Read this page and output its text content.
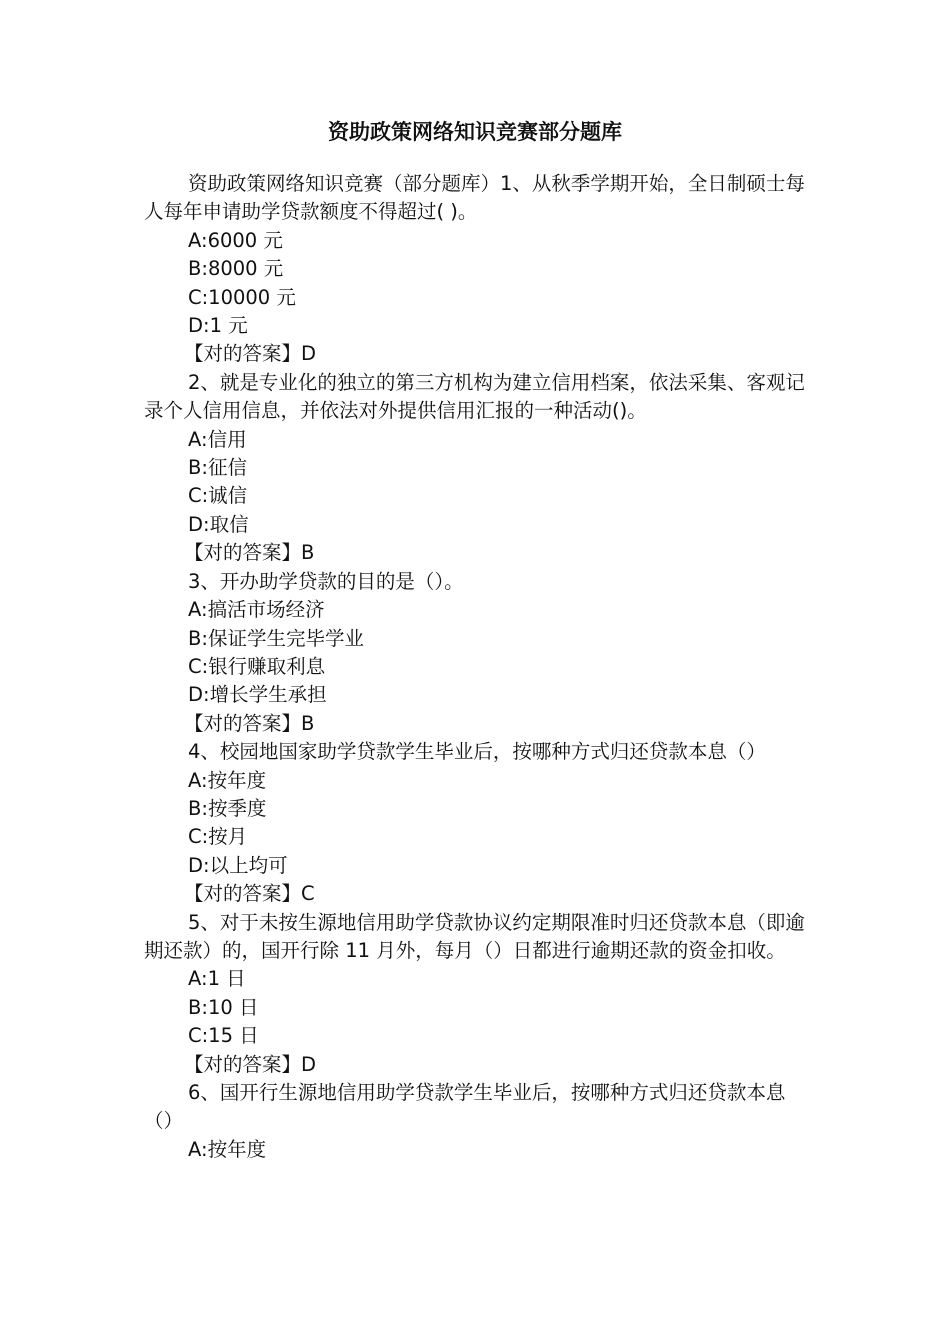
资助政策网络知识竞赛部分题库

资助政策网络知识竞赛（部分题库）1、从秋季学期开始，全日制硕士每人每年申请助学贷款额度不得超过( )。

A:6000 元

B:8000 元

C:10000 元

D:1 元

【对的答案】D

2、就是专业化的独立的第三方机构为建立信用档案，依法采集、客观记录个人信用信息，并依法对外提供信用汇报的一种活动()。

A:信用

B:征信

C:诚信

D:取信

【对的答案】B

3、开办助学贷款的目的是（）。

A:搞活市场经济

B:保证学生完毕学业

C:银行赚取利息

D:增长学生承担

【对的答案】B

4、校园地国家助学贷款学生毕业后，按哪种方式归还贷款本息（）

A:按年度

B:按季度

C:按月

D:以上均可

【对的答案】C

5、对于未按生源地信用助学贷款协议约定期限准时归还贷款本息（即逾期还款）的，国开行除 11 月外，每月（）日都进行逾期还款的资金扣收。

A:1 日

B:10 日

C:15 日

【对的答案】D

6、国开行生源地信用助学贷款学生毕业后，按哪种方式归还贷款本息（）

A:按年度
